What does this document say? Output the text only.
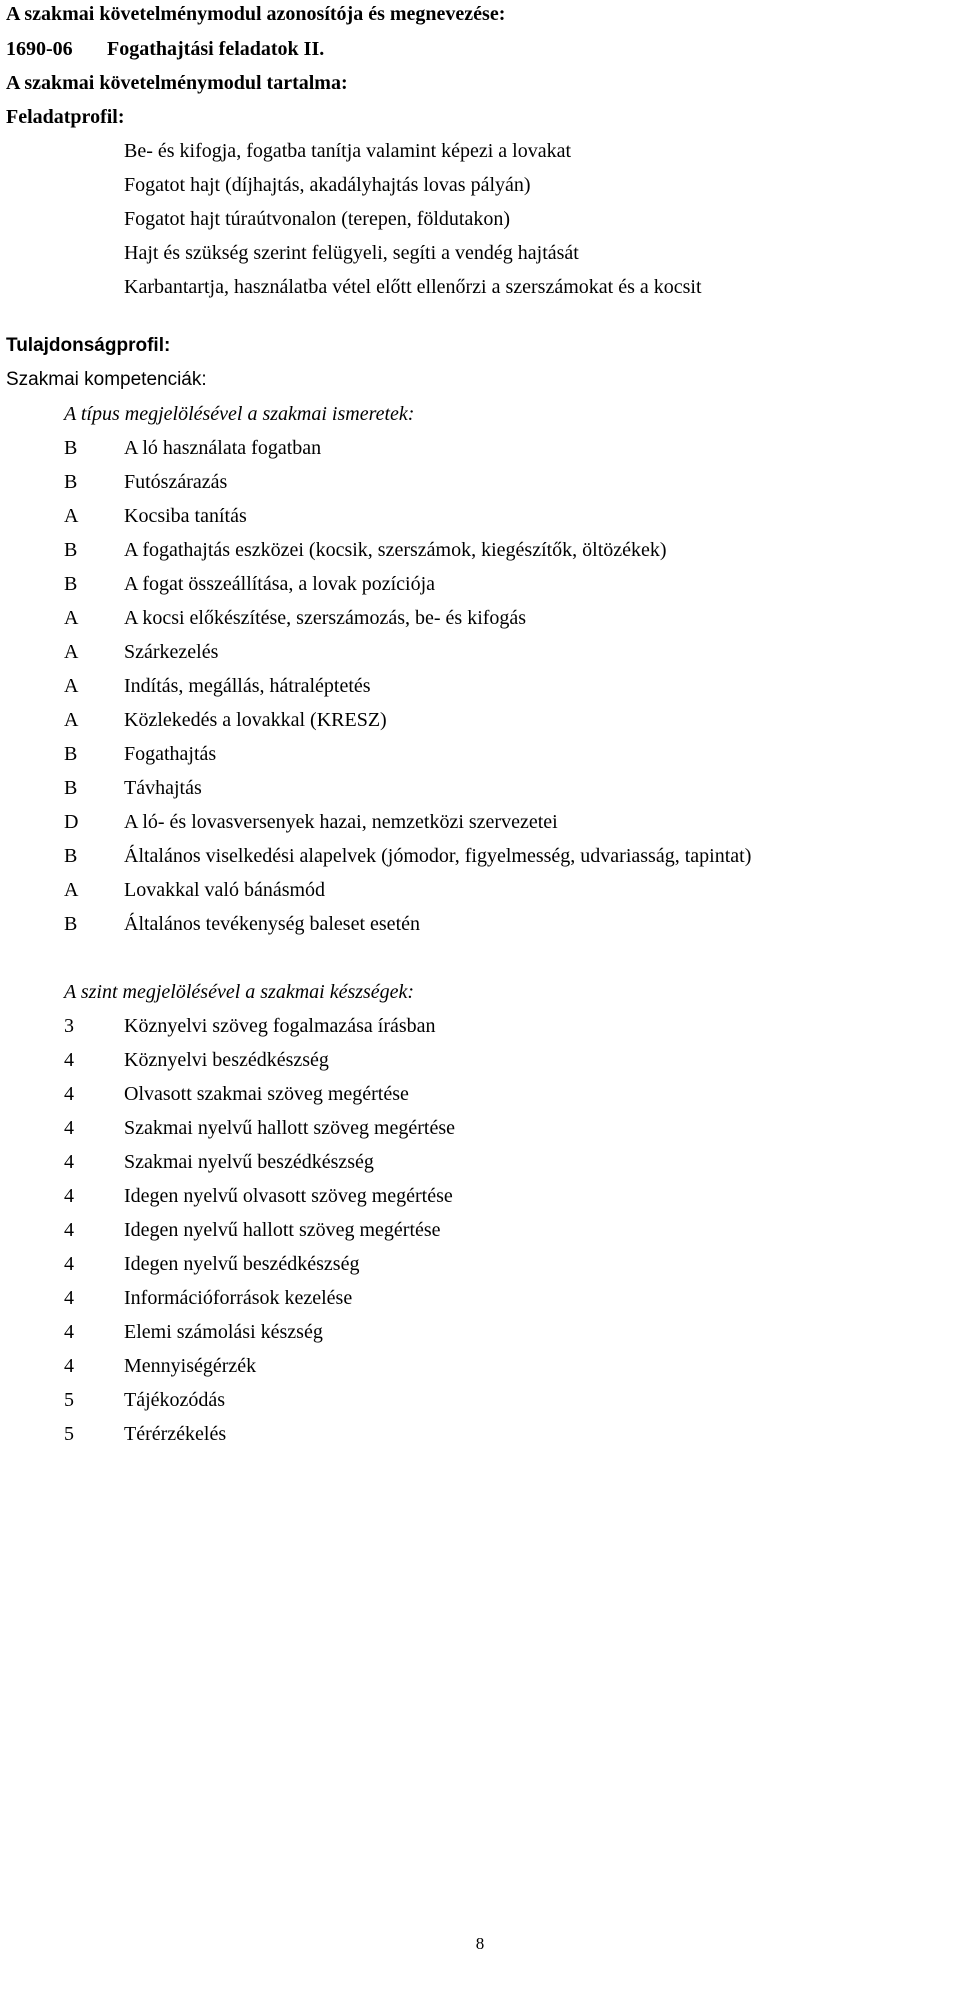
A szakmai követelménymodul azonosítója és megnevezése:
1690-06 Fogathajtási feladatok II.
A szakmai követelménymodul tartalma:
Feladatprofil:
Be- és kifogja, fogatba tanítja valamint képezi a lovakat
Fogatot hajt (díjhajtás, akadályhajtás lovas pályán)
Fogatot hajt túraútvonalon (terepen, földutakon)
Hajt és szükség szerint felügyeli, segíti a vendég hajtását
Karbantartja, használatba vétel előtt ellenőrzi a szerszámokat és a kocsit
Tulajdonságprofil:
Szakmai kompetenciák:
A típus megjelölésével a szakmai ismeretek:
B	A ló használata fogatban
B	Futószárazás
A Kocsiba tanítás
B	A fogathajtás eszközei (kocsik, szerszámok, kiegészítők, öltözékek)
B	A fogat összeállítása, a lovak pozíciója
A A kocsi előkészítése, szerszámozás, be- és kifogás
A Szárkezelés
A Indítás, megállás, hátraléptetés
A Közlekedés a lovakkal (KRESZ)
B	Fogathajtás
B	Távhajtás
D A ló- és lovasversenyek hazai, nemzetközi szervezetei
B	Általános viselkedési alapelvek (jómodor, figyelmesség, udvariasság, tapintat)
A Lovakkal való bánásmód
B	Általános tevékenység baleset esetén
A szint megjelölésével a szakmai készségek:
3	Köznyelvi szöveg fogalmazása írásban
4	Köznyelvi beszédkészség
4	Olvasott szakmai szöveg megértése
4	Szakmai nyelvű hallott szöveg megértése
4	Szakmai nyelvű beszédkészség
4	Idegen nyelvű olvasott szöveg megértése
4	Idegen nyelvű hallott szöveg megértése
4	Idegen nyelvű beszédkészség
4	Információforrások kezelése
4	Elemi számolási készség
4	Mennyiségérzék
5	Tájékozódás
5	Térérzékelés
8
